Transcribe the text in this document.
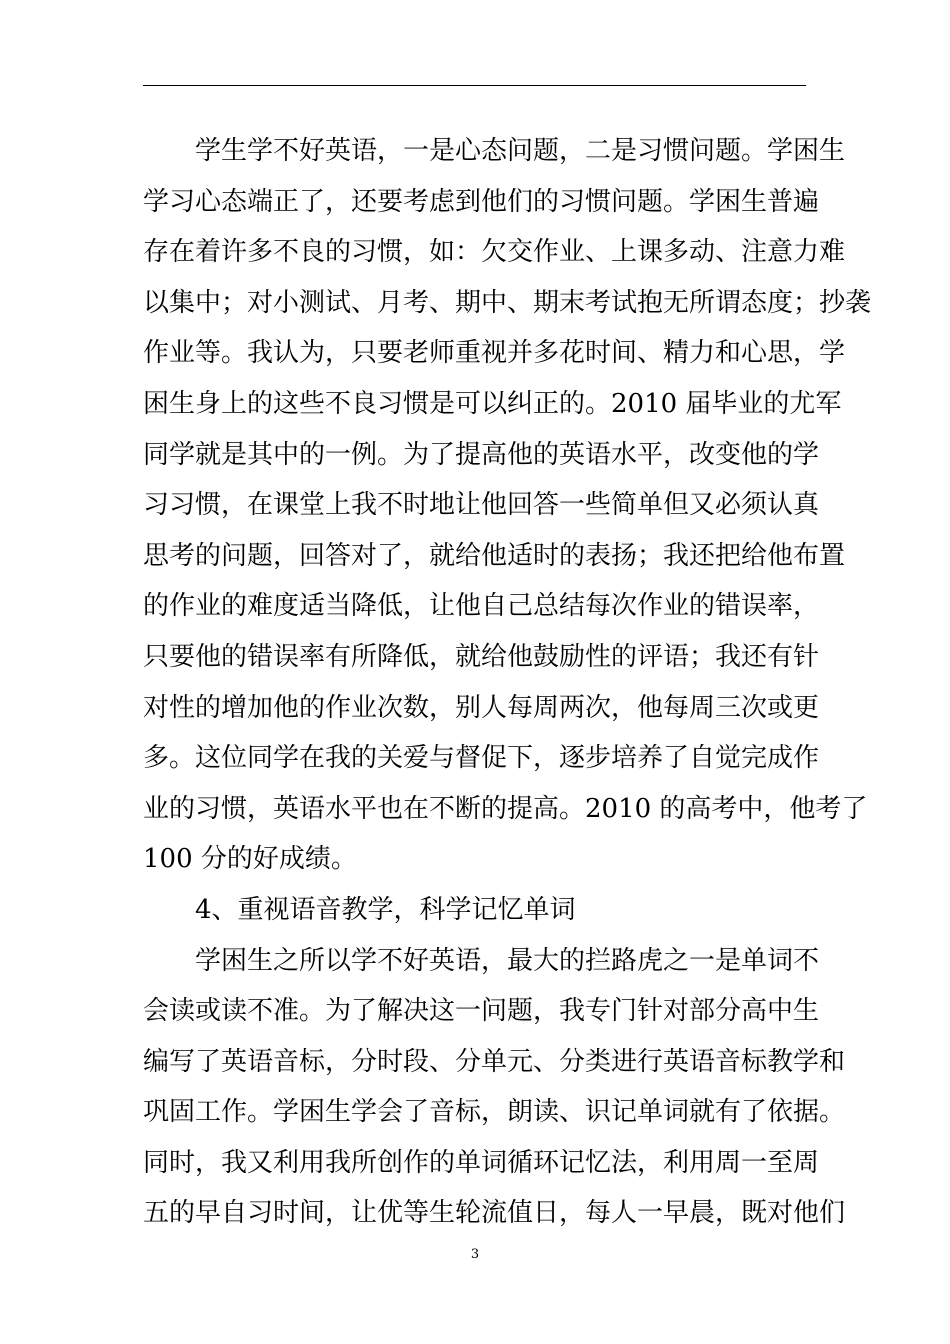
学生学不好英语，一是心态问题，二是习惯问题。学困生
学习心态端正了，还要考虑到他们的习惯问题。学困生普遍
存在着许多不良的习惯，如：欠交作业、上课多动、注意力难
以集中；对小测试、月考、期中、期末考试抱无所谓态度；抄袭
作业等。我认为，只要老师重视并多花时间、精力和心思，学
困生身上的这些不良习惯是可以纠正的。2010 届毕业的尤军
同学就是其中的一例。为了提高他的英语水平，改变他的学
习习惯，在课堂上我不时地让他回答一些简单但又必须认真
思考的问题，回答对了，就给他适时的表扬；我还把给他布置
的作业的难度适当降低，让他自己总结每次作业的错误率，
只要他的错误率有所降低，就给他鼓励性的评语；我还有针
对性的增加他的作业次数，别人每周两次，他每周三次或更
多。这位同学在我的关爱与督促下，逐步培养了自觉完成作
业的习惯，英语水平也在不断的提高。2010 的高考中，他考了
100 分的好成绩。
4、重视语音教学，科学记忆单词
学困生之所以学不好英语，最大的拦路虎之一是单词不
会读或读不准。为了解决这一问题，我专门针对部分高中生
编写了英语音标，分时段、分单元、分类进行英语音标教学和
巩固工作。学困生学会了音标，朗读、识记单词就有了依据。
同时，我又利用我所创作的单词循环记忆法，利用周一至周
五的早自习时间，让优等生轮流值日，每人一早晨，既对他们
3
